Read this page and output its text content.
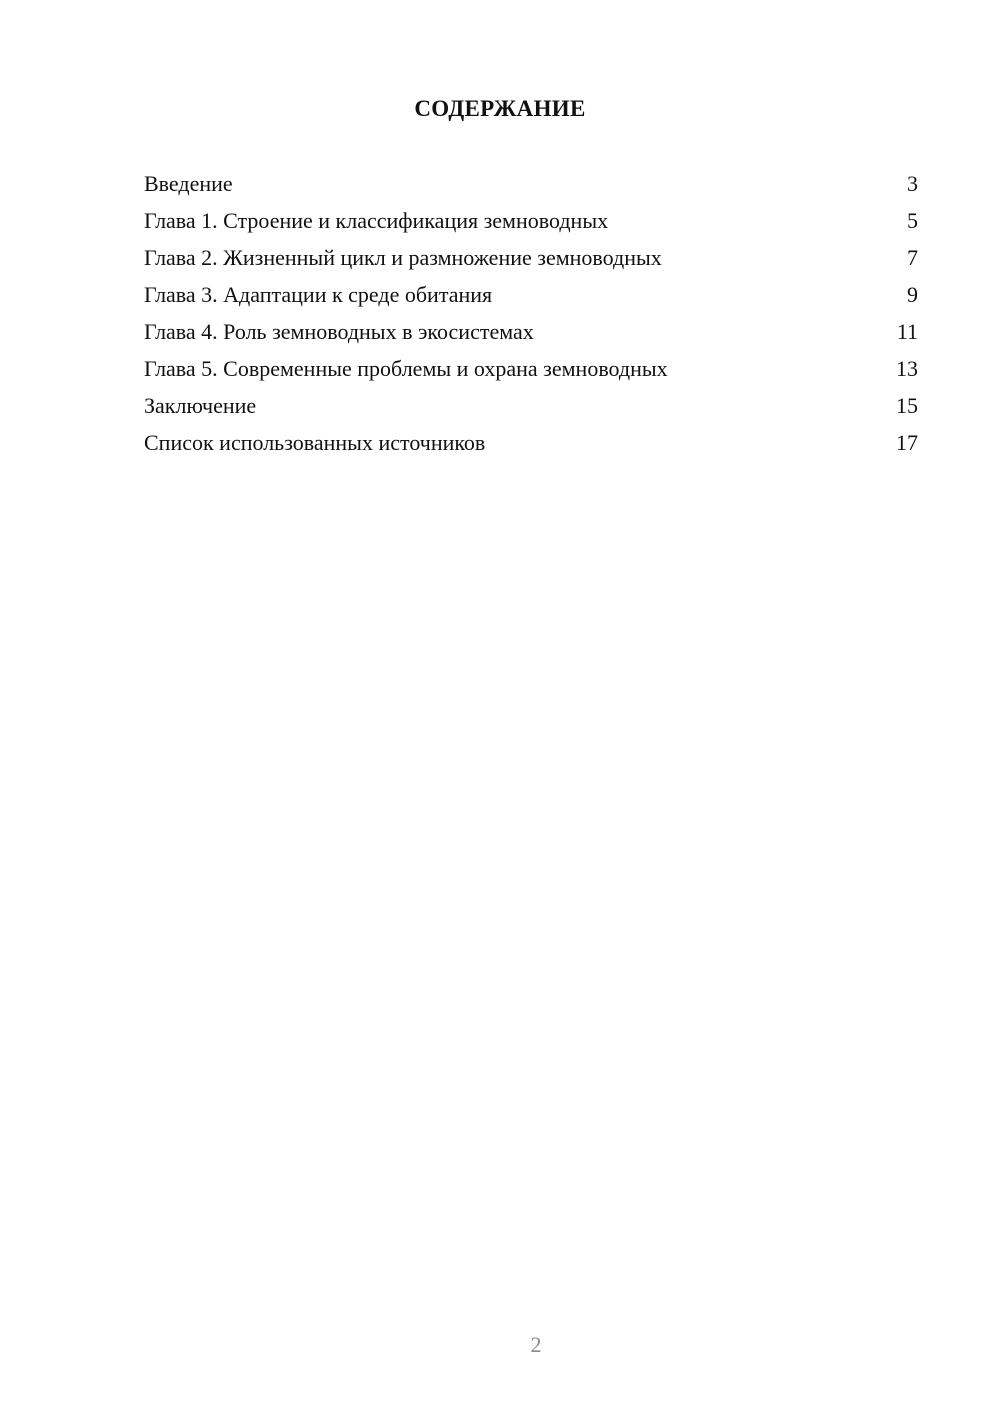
СОДЕРЖАНИЕ
Введение	3
Глава 1. Строение и классификация земноводных	5
Глава 2. Жизненный цикл и размножение земноводных	7
Глава 3. Адаптации к среде обитания	9
Глава 4. Роль земноводных в экосистемах	11
Глава 5. Современные проблемы и охрана земноводных	13
Заключение	15
Список использованных источников	17
2
